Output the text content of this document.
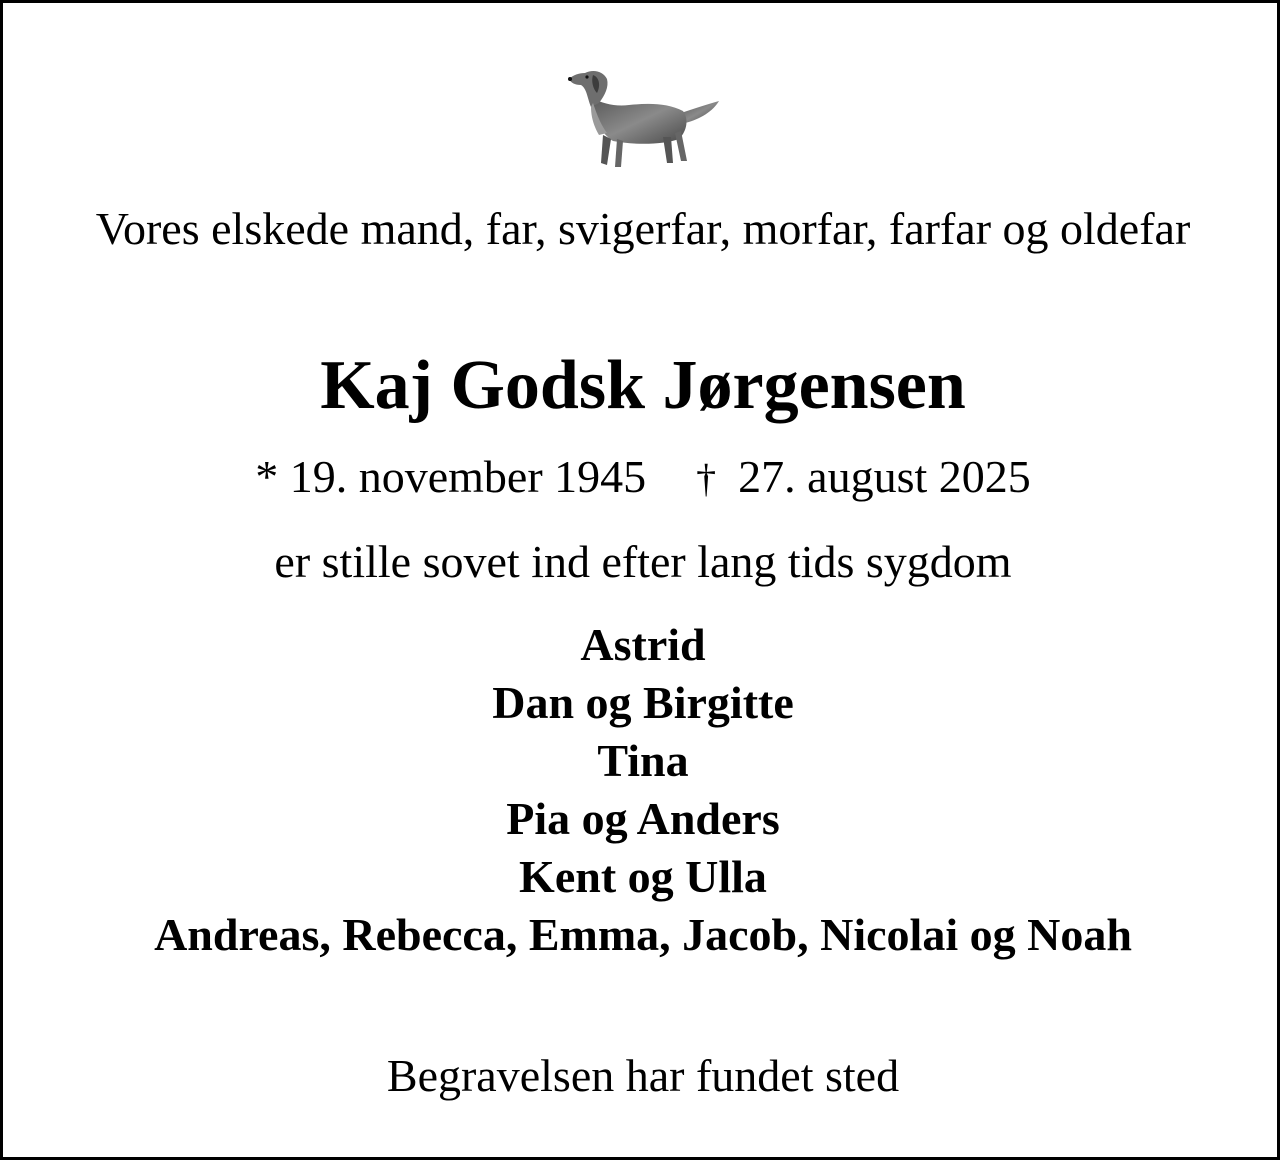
Vores elskede mand, far, svigerfar, morfar, farfar og oldefar
Kaj Godsk Jørgensen
* 19. november 1945 † 27. august 2025
er stille sovet ind efter lang tids sygdom
Astrid
Dan og Birgitte
Tina
Pia og Anders
Kent og Ulla
Andreas, Rebecca, Emma, Jacob, Nicolai og Noah
Begravelsen har fundet sted
